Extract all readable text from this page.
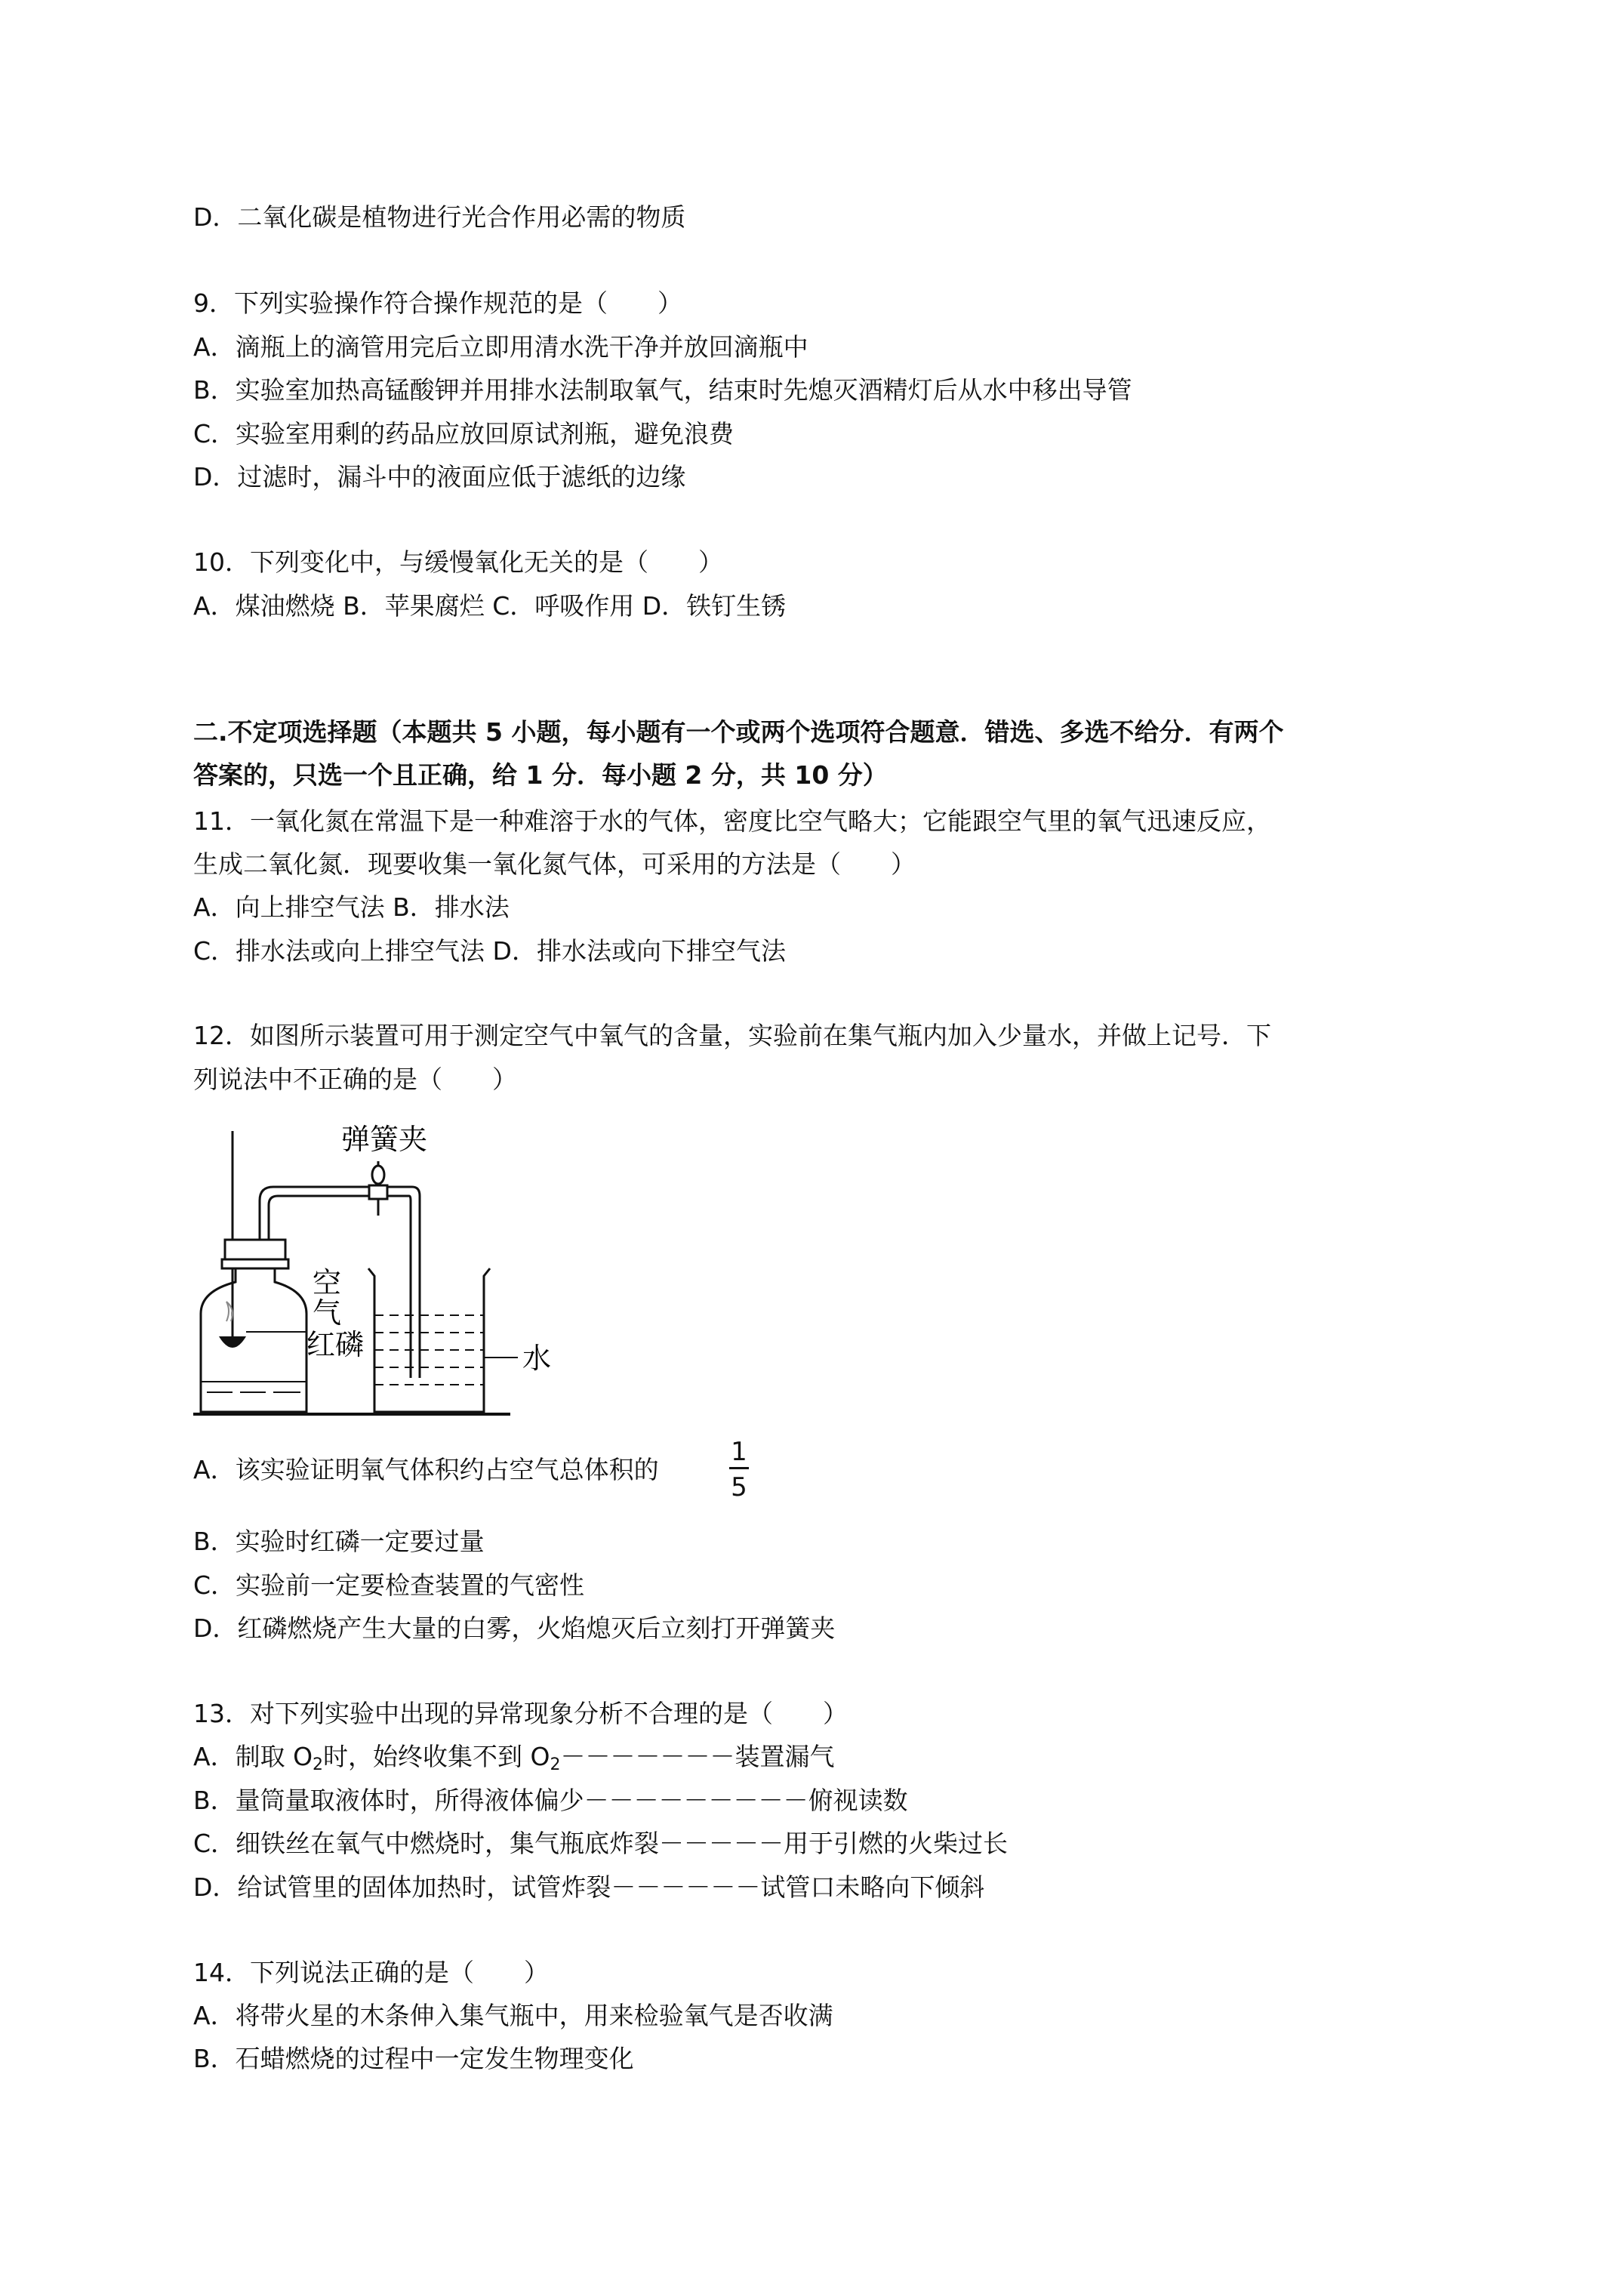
D．二氧化碳是植物进行光合作用必需的物质
9．下列实验操作符合操作规范的是（　　）
A．滴瓶上的滴管用完后立即用清水洗干净并放回滴瓶中
B．实验室加热高锰酸钾并用排水法制取氧气，结束时先熄灭酒精灯后从水中移出导管
C．实验室用剩的药品应放回原试剂瓶，避免浪费
D．过滤时，漏斗中的液面应低于滤纸的边缘
10．下列变化中，与缓慢氧化无关的是（　　）
A．煤油燃烧 B．苹果腐烂 C．呼吸作用 D．铁钉生锈
二.不定项选择题（本题共 5 小题，每小题有一个或两个选项符合题意．错选、多选不给分．有两个
答案的，只选一个且正确，给 1 分．每小题 2 分，共 10 分）
11．一氧化氮在常温下是一种难溶于水的气体，密度比空气略大；它能跟空气里的氧气迅速反应，
生成二氧化氮．现要收集一氧化氮气体，可采用的方法是（　　）
A．向上排空气法 B．排水法
C．排水法或向上排空气法 D．排水法或向下排空气法
12．如图所示装置可用于测定空气中氧气的含量，实验前在集气瓶内加入少量水，并做上记号．下
列说法中不正确的是（　　）
弹簧夹
空
气
红磷	水
A．该实验证明氧气体积约占空气总体积的
1
5
B．实验时红磷一定要过量
C．实验前一定要检查装置的气密性
D．红磷燃烧产生大量的白雾，火焰熄灭后立刻打开弹簧夹
13．对下列实验中出现的异常现象分析不合理的是（　　）
A．制取 $O_2$时，始终收集不到 $O_2-------$装置漏气
B．量筒量取液体时，所得液体偏少－－－－－－－－－俯视读数
C．细铁丝在氧气中燃烧时，集气瓶底炸裂－－－－－用于引燃的火柴过长
D．给试管里的固体加热时，试管炸裂－－－－－－试管口未略向下倾斜
14．下列说法正确的是（　　）
A．将带火星的木条伸入集气瓶中，用来检验氧气是否收满
B．石蜡燃烧的过程中一定发生物理变化
